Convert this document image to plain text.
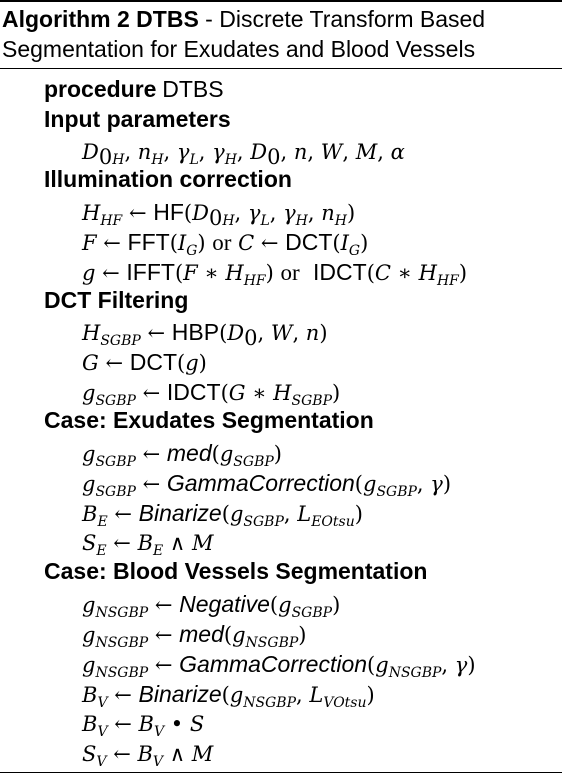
Algorithm 2 DTBS - Discrete Transform Based
Segmentation for Exudates and Blood Vessels
procedure DTBS
Input parameters
$D_{0H}$, $n_H$, $\gamma_L$, $\gamma_H$, $D_0$, n, W, M, α
Illumination correction
$H_{HF}$ ← $HF(D_{0H}$, $\gamma_L$, $\gamma_H$, $n_H$)
F ← $FFT(I_G)$ or C ← $DCT(I_G)$
g ← IFFT(F ∗ $H_{HF}$) or IDCT(C ∗ $H_{HF}$)
DCT Filtering
$H_{SGBP}$ ← $HBP(D_0$, W, n)
G ← DCT(g)
$g_{SGBP}$ ← IDCT(G ∗ $H_{SGBP}$)
Case: Exudates Segmentation
$g_{SGBP}$ ← $med(g_{SGBP})$
$g_{SGBP}$ ← $GammaCorrection(g_{SGBP}$, γ)
$B_E$ ← $Binarize(g_{SGBP}$, $L_{EOtsu}$)
$S_E$ ← $B_E$ ∧ M
Case: Blood Vessels Segmentation
$g_{NSGBP}$ ← $Negative(g_{SGBP})$
$g_{NSGBP}$ ← $med(g_{NSGBP})$
$g_{NSGBP}$ ← $GammaCorrection(g_{NSGBP}$, γ)
$B_V$ ← $Binarize(g_{NSGBP}$, $L_{VOtsu}$)
$B_V$ ← $B_V$ • S
$S_V$ ← $B_V$ ∧ M
